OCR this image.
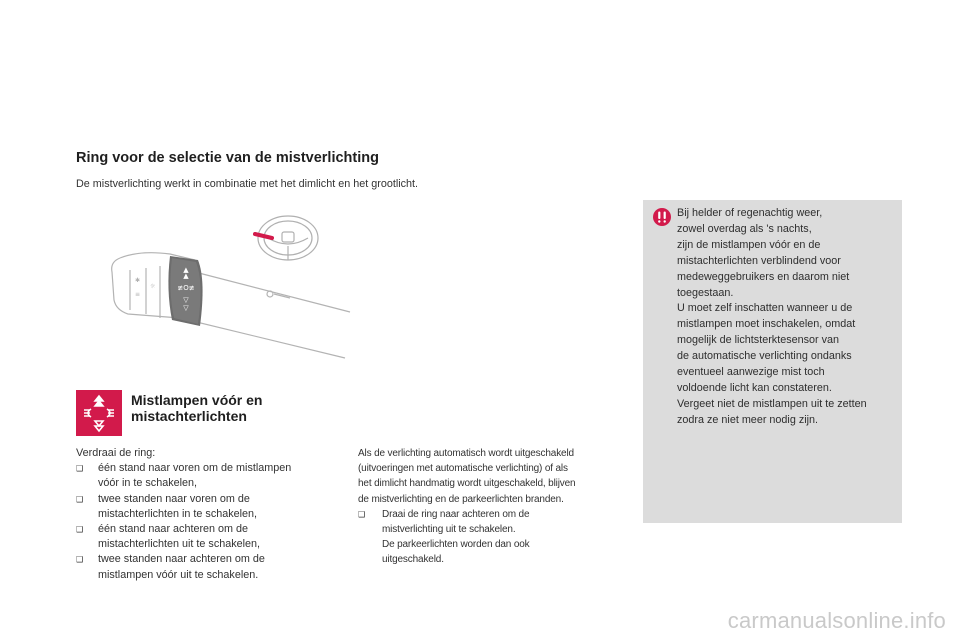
Ring voor de selectie van de mistverlichting
De mistverlichting werkt in combinatie met het dimlicht en het grootlicht.
▲
▲
≢O≢
▽
▽
☼
≡
✱
Mistlampen vóór en
mistachterlichten
Verdraai de ring:
❑	één stand naar voren om de mistlampen
vóór in te schakelen,
❑	twee standen naar voren om de
mistachterlichten in te schakelen,
❑	één stand naar achteren om de
mistachterlichten uit te schakelen,
❑	twee standen naar achteren om de
mistlampen vóór uit te schakelen.
Als de verlichting automatisch wordt uitgeschakeld
(uitvoeringen met automatische verlichting) of als
het dimlicht handmatig wordt uitgeschakeld, blijven
de mistverlichting en de parkeerlichten branden.
❑	Draai de ring naar achteren om de
mistverlichting uit te schakelen.
De parkeerlichten worden dan ook
uitgeschakeld.

Bij helder of regenachtig weer,

zowel overdag als 's nachts,

zijn de mistlampen vóór en de

mistachterlichten verblindend voor

medeweggebruikers en daarom niet

toegestaan.

U moet zelf inschatten wanneer u de

mistlampen moet inschakelen, omdat

mogelijk de lichtsterktesensor van

de automatische verlichting ondanks

eventueel aanwezige mist toch

voldoende licht kan constateren.

Vergeet niet de mistlampen uit te zetten

zodra ze niet meer nodig zijn.

carmanualsonline.info
